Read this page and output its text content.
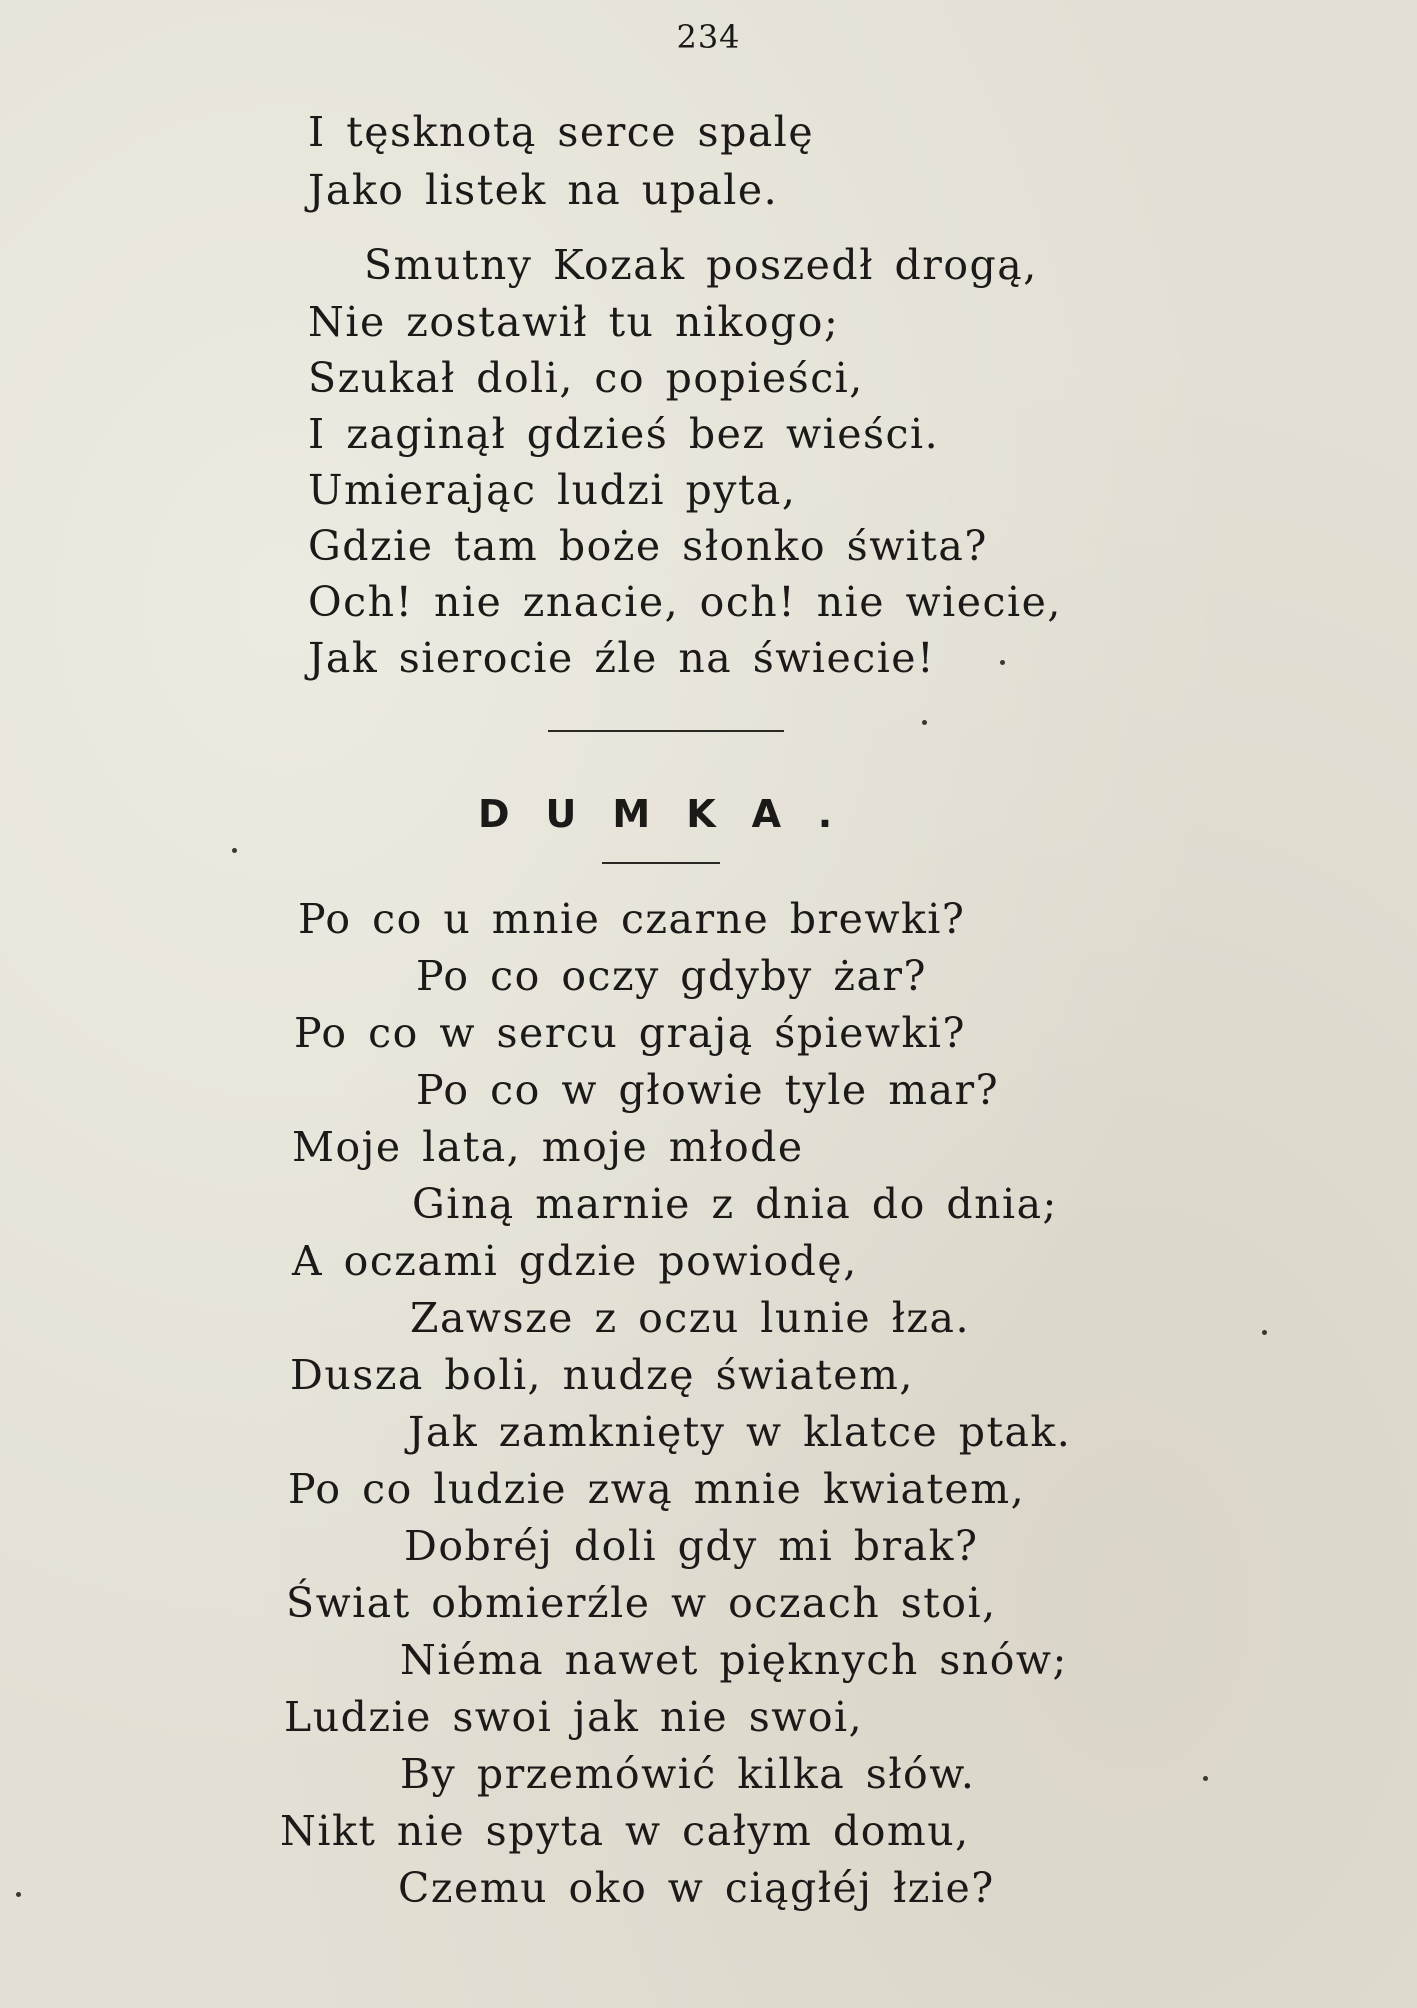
234
I tęsknotą serce spalę
Jako listek na upale.
Smutny Kozak poszedł drogą,
Nie zostawił tu nikogo;
Szukał doli, co popieści,
I zaginął gdzieś bez wieści.
Umierając ludzi pyta,
Gdzie tam boże słonko świta?
Och! nie znacie, och! nie wiecie,
Jak sierocie źle na świecie!
DUMKA.
Po co u mnie czarne brewki?
Po co oczy gdyby żar?
Po co w sercu grają śpiewki?
Po co w głowie tyle mar?
Moje lata, moje młode
Giną marnie z dnia do dnia;
A oczami gdzie powiodę,
Zawsze z oczu lunie łza.
Dusza boli, nudzę światem,
Jak zamknięty w klatce ptak.
Po co ludzie zwą mnie kwiatem,
Dobréj doli gdy mi brak?
Świat obmierźle w oczach stoi,
Niéma nawet pięknych snów;
Ludzie swoi jak nie swoi,
By przemówić kilka słów.
Nikt nie spyta w całym domu,
Czemu oko w ciągłéj łzie?
